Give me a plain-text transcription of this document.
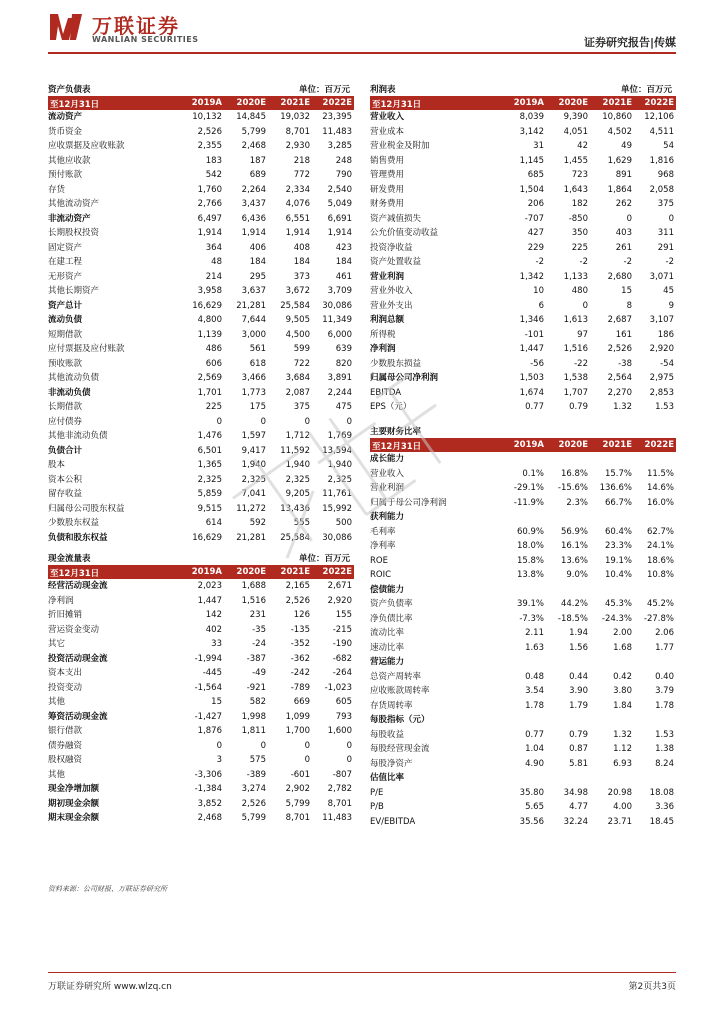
万联证券
WANLIAN SECURITIES	证券研究报告|传媒
资产负债表	单位：百万元
至12月31日	2019A 2020E 2021E 2022E
流动资产	10,132 14,845 19,032 23,395
货币资金	2,526 5,799 8,701 11,483
应收票据及应收账款	2,355 2,468 2,930 3,285
其他应收款	183	187	218	248
预付账款	542	689	772	790
存货	1,760 2,264 2,334 2,540
其他流动资产	2,766 3,437 4,076 5,049
非流动资产	6,497 6,436 6,551 6,691
长期股权投资	1,914 1,914 1,914 1,914
固定资产	364	406	408	423
在建工程	48	184	184	184
无形资产	214	295	373	461
其他长期资产	3,958 3,637 3,672 3,709
资产总计	16,629 21,281 25,584 30,086
流动负债	4,800 7,644 9,505 11,349
短期借款	1,139 3,000 4,500 6,000
应付票据及应付账款	486	561	599	639
预收账款	606	618	722	820
其他流动负债	2,569 3,466 3,684 3,891
非流动负债	1,701 1,773 2,087 2,244
长期借款	225	175	375	475
应付债券	0	0	0	0
其他非流动负债	1,476 1,597 1,712 1,769
负债合计	6,501 9,417 11,592 13,594
股本	1,365 1,940 1,940 1,940
资本公积	2,325 2,325 2,325 2,325
留存收益	5,859 7,041 9,205 11,761
归属母公司股东权益	9,515 11,272 13,436 15,992
少数股东权益	614	592	555	500
负债和股东权益	16,629 21,281 25,584 30,086
利润表	单位：百万元
至12月31日	2019A 2020E 2021E 2022E
营业收入	8,039 9,390 10,860 12,106
营业成本	3,142 4,051 4,502 4,511
营业税金及附加	31	42	49	54
销售费用	1,145 1,455 1,629 1,816
管理费用	685	723	891	968
研发费用	1,504 1,643 1,864 2,058
财务费用	206	182	262	375
资产减值损失	-707	-850	0	0
公允价值变动收益	427	350	403	311
投资净收益	229	225	261	291
资产处置收益	-2	-2	-2	-2
营业利润	1,342 1,133 2,680 3,071
营业外收入	10	480	15	45
营业外支出	6	0	8	9
利润总额	1,346 1,613 2,687 3,107
所得税	-101	97	161	186
净利润	1,447 1,516 2,526 2,920
少数股东损益	-56	-22	-38	-54
归属母公司净利润	1,503 1,538 2,564 2,975
EBITDA	1,674 1,707 2,270 2,853
EPS（元）	0.77	0.79	1.32	1.53
主要财务比率
至12月31日	2019A 2020E 2021E 2022E
成长能力
营业收入	0.1% 16.8% 15.7% 11.5%
营业利润	-29.1% -15.6% 136.6% 14.6%
归属于母公司净利润	-11.9%	2.3% 66.7% 16.0%
获利能力
毛利率	60.9% 56.9% 60.4% 62.7%
净利率	18.0% 16.1% 23.3% 24.1%
ROE	15.8% 13.6% 19.1% 18.6%
ROIC	13.8%	9.0% 10.4% 10.8%
偿债能力
资产负债率	39.1% 44.2% 45.3% 45.2%
净负债比率	-7.3% -18.5% -24.3% -27.8%
流动比率	2.11	1.94	2.00	2.06
速动比率	1.63	1.56	1.68	1.77
营运能力
总资产周转率	0.48	0.44	0.42	0.40
应收账款周转率	3.54	3.90	3.80	3.79
存货周转率	1.78	1.79	1.84	1.78
每股指标（元）
每股收益	0.77	0.79	1.32	1.53
每股经营现金流	1.04	0.87	1.12	1.38
每股净资产	4.90	5.81	6.93	8.24
估值比率
P/E	35.80 34.98 20.98 18.08
P/B	5.65	4.77	4.00	3.36
EV/EBITDA	35.56 32.24 23.71 18.45
现金流量表	单位：百万元
至12月31日	2019A 2020E 2021E 2022E
经营活动现金流	2,023 1,688 2,165 2,671
净利润	1,447 1,516 2,526 2,920
折旧摊销	142	231	126	155
营运资金变动	402	-35	-135	-215
其它	33	-24	-352	-190
投资活动现金流	-1,994	-387	-362	-682
资本支出	-445	-49	-242	-264
投资变动	-1,564	-921	-789 -1,023
其他	15	582	669	605
筹资活动现金流	-1,427 1,998 1,099	793
银行借款	1,876 1,811 1,700 1,600
债券融资	0	0	0	0
股权融资	3	575	0	0
其他	-3,306	-389	-601	-807
现金净增加额	-1,384 3,274 2,902 2,782
期初现金余额	3,852 2,526 5,799 8,701
期末现金余额	2,468 5,799 8,701 11,483
资料来源：公司财报、万联证券研究所
万联证券研究所 www.wlzq.cn	第2页共3页
